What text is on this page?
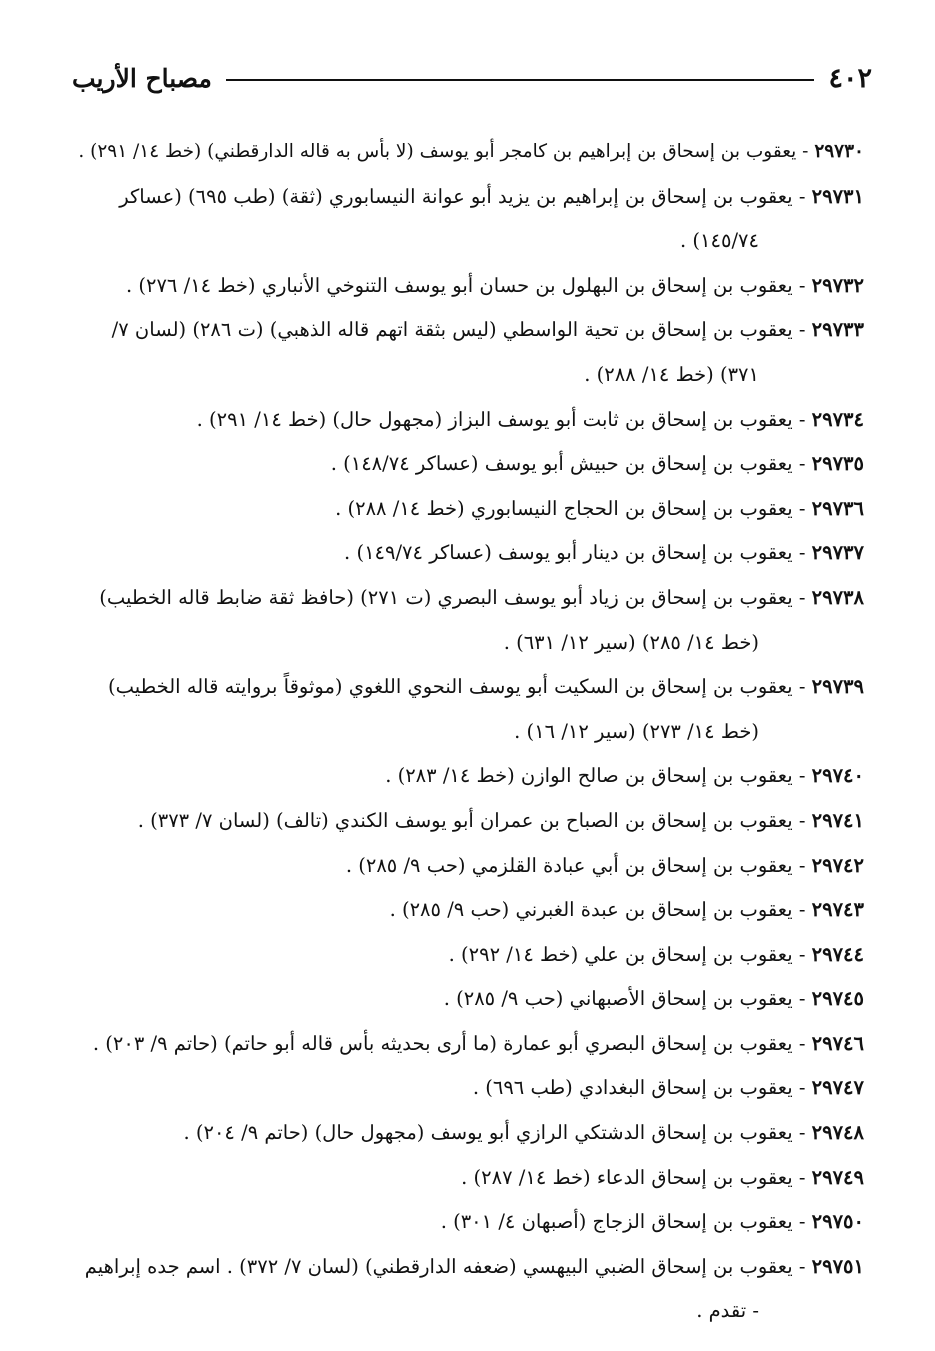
٤٠٢
مصباح الأريب
٢٩٧٣٠ - يعقوب بن إسحاق بن إبراهيم بن كامجر أبو يوسف (لا بأس به قاله الدارقطني) (خط ١٤/ ٢٩١) .
٢٩٧٣١ - يعقوب بن إسحاق بن إبراهيم بن يزيد أبو عوانة النيسابوري (ثقة) (طب ٦٩٥) (عساكر
١٤٥/٧٤) .
٢٩٧٣٢ - يعقوب بن إسحاق بن البهلول بن حسان أبو يوسف التنوخي الأنباري (خط ١٤/ ٢٧٦) .
٢٩٧٣٣ - يعقوب بن إسحاق بن تحية الواسطي (ليس بثقة اتهم قاله الذهبي) (ت ٢٨٦) (لسان ٧/
٣٧١) (خط ١٤/ ٢٨٨) .
٢٩٧٣٤ - يعقوب بن إسحاق بن ثابت أبو يوسف البزاز (مجهول حال) (خط ١٤/ ٢٩١) .
٢٩٧٣٥ - يعقوب بن إسحاق بن حبيش أبو يوسف (عساكر ١٤٨/٧٤) .
٢٩٧٣٦ - يعقوب بن إسحاق بن الحجاج النيسابوري (خط ١٤/ ٢٨٨) .
٢٩٧٣٧ - يعقوب بن إسحاق بن دينار أبو يوسف (عساكر ١٤٩/٧٤) .
٢٩٧٣٨ - يعقوب بن إسحاق بن زياد أبو يوسف البصري (ت ٢٧١) (حافظ ثقة ضابط قاله الخطيب)
(خط ١٤/ ٢٨٥) (سير ١٢/ ٦٣١) .
٢٩٧٣٩ - يعقوب بن إسحاق بن السكيت أبو يوسف النحوي اللغوي (موثوقاً بروايته قاله الخطيب)
(خط ١٤/ ٢٧٣) (سير ١٢/ ١٦) .
٢٩٧٤٠ - يعقوب بن إسحاق بن صالح الوازن (خط ١٤/ ٢٨٣) .
٢٩٧٤١ - يعقوب بن إسحاق بن الصباح بن عمران أبو يوسف الكندي (تالف) (لسان ٧/ ٣٧٣) .
٢٩٧٤٢ - يعقوب بن إسحاق بن أبي عبادة القلزمي (حب ٩/ ٢٨٥) .
٢٩٧٤٣ - يعقوب بن إسحاق بن عبدة الغبرني (حب ٩/ ٢٨٥) .
٢٩٧٤٤ - يعقوب بن إسحاق بن علي (خط ١٤/ ٢٩٢) .
٢٩٧٤٥ - يعقوب بن إسحاق الأصبهاني (حب ٩/ ٢٨٥) .
٢٩٧٤٦ - يعقوب بن إسحاق البصري أبو عمارة (ما أرى بحديثه بأس قاله أبو حاتم) (حاتم ٩/ ٢٠٣) .
٢٩٧٤٧ - يعقوب بن إسحاق البغدادي (طب ٦٩٦) .
٢٩٧٤٨ - يعقوب بن إسحاق الدشتكي الرازي أبو يوسف (مجهول حال) (حاتم ٩/ ٢٠٤) .
٢٩٧٤٩ - يعقوب بن إسحاق الدعاء (خط ١٤/ ٢٨٧) .
٢٩٧٥٠ - يعقوب بن إسحاق الزجاج (أصبهان ٤/ ٣٠١) .
٢٩٧٥١ - يعقوب بن إسحاق الضبي البيهسي (ضعفه الدارقطني) (لسان ٧/ ٣٧٢) . اسم جده إبراهيم
- تقدم .
